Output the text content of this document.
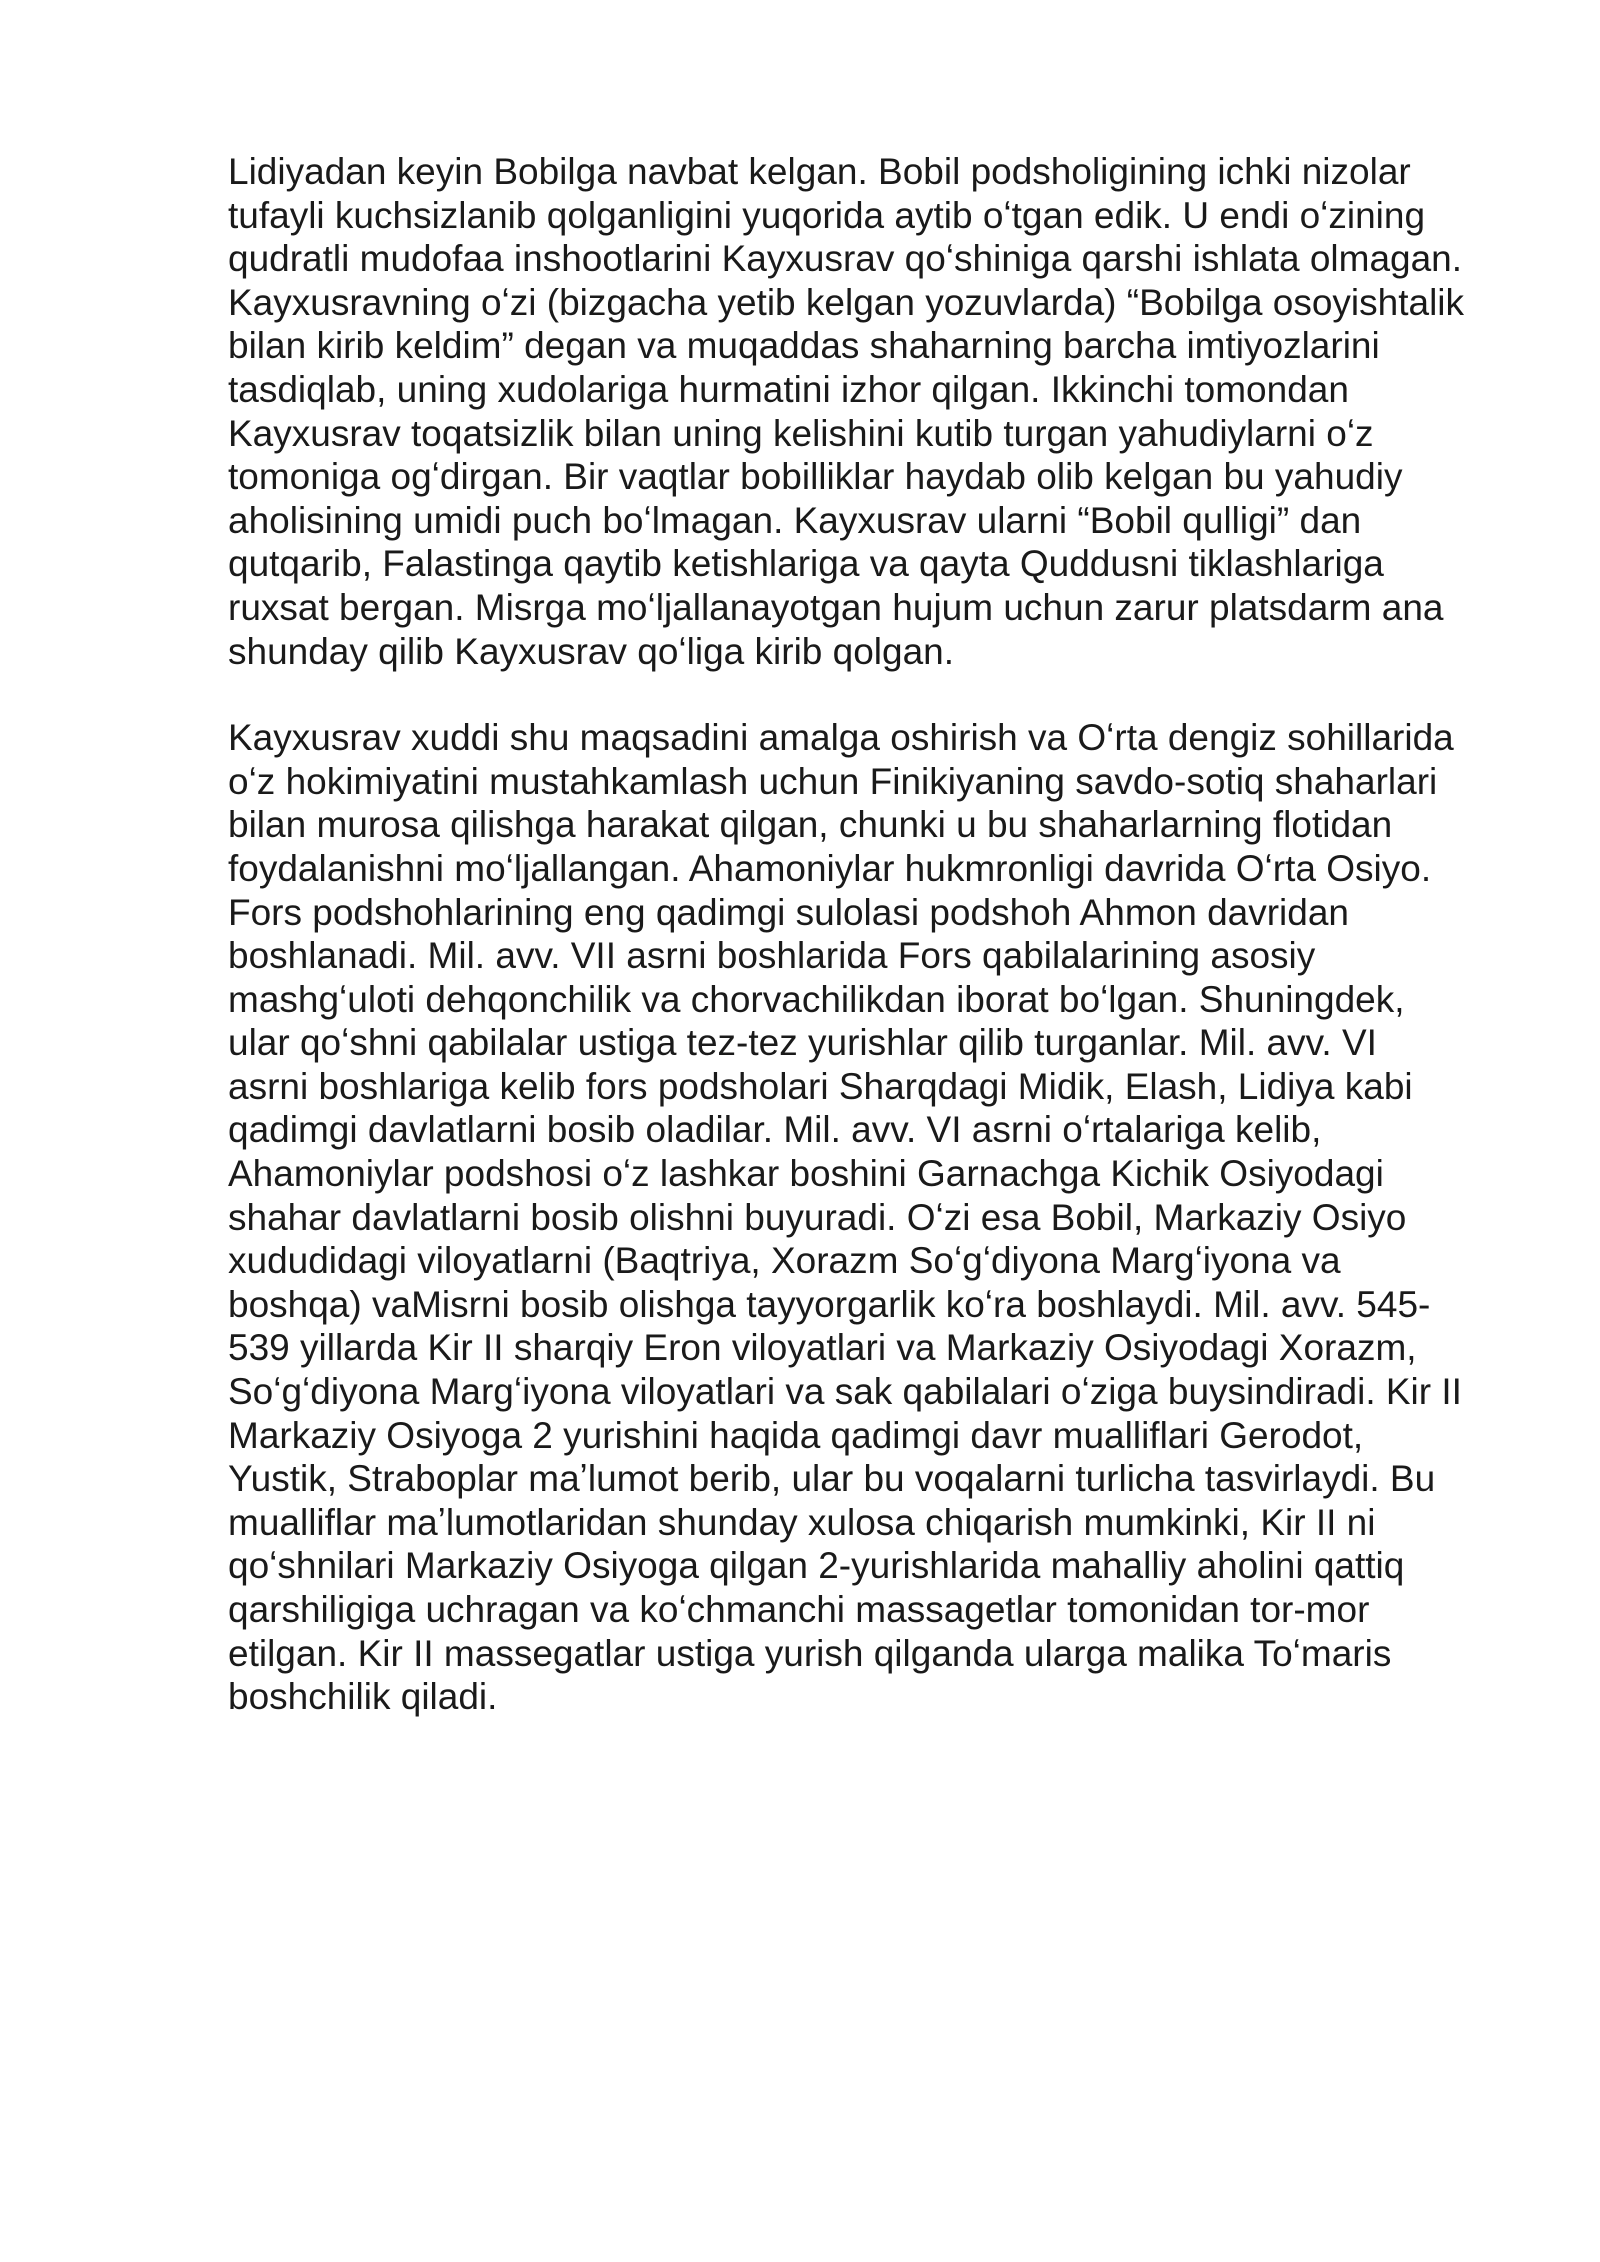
Lidiyadan keyin Bobilga navbat kelgan. Bobil podsholigining ichki nizolar
tufayli kuchsizlanib qolganligini yuqorida aytib oʻtgan edik. U endi oʻzining
qudratli mudofaa inshootlarini Kayxusrav qoʻshiniga qarshi ishlata olmagan.
Kayxusravning oʻzi (bizgacha yetib kelgan yozuvlarda) “Bobilga osoyishtalik
bilan kirib keldim” degan va muqaddas shaharning barcha imtiyozlarini
tasdiqlab, uning xudolariga hurmatini izhor qilgan. Ikkinchi tomondan
Kayxusrav toqatsizlik bilan uning kelishini kutib turgan yahudiylarni oʻz
tomoniga ogʻdirgan. Bir vaqtlar bobilliklar haydab olib kelgan bu yahudiy
aholisining umidi puch boʻlmagan. Kayxusrav ularni “Bobil qulligi” dan
qutqarib, Falastinga qaytib ketishlariga va qayta Quddusni tiklashlariga
ruxsat bergan. Misrga moʻljallanayotgan hujum uchun zarur platsdarm ana
shunday qilib Kayxusrav qoʻliga kirib qolgan.

Kayxusrav xuddi shu maqsadini amalga oshirish va Oʻrta dengiz sohillarida
oʻz hokimiyatini mustahkamlash uchun Finikiyaning savdo-sotiq shaharlari
bilan murosa qilishga harakat qilgan, chunki u bu shaharlarning flotidan
foydalanishni moʻljallangan. Ahamoniylar hukmronligi davrida Oʻrta Osiyo.
Fors podshohlarining eng qadimgi sulolasi podshoh Ahmon davridan
boshlanadi. Mil. avv. VII asrni boshlarida Fors qabilalarining asosiy
mashgʻuloti dehqonchilik va chorvachilikdan iborat boʻlgan. Shuningdek,
ular qoʻshni qabilalar ustiga tez-tez yurishlar qilib turganlar. Mil. avv. VI
asrni boshlariga kelib fors podsholari Sharqdagi Midik, Elash, Lidiya kabi
qadimgi davlatlarni bosib oladilar. Mil. avv. VI asrni oʻrtalariga kelib,
Ahamoniylar podshosi oʻz lashkar boshini Garnachga Kichik Osiyodagi
shahar davlatlarni bosib olishni buyuradi. Oʻzi esa Bobil, Markaziy Osiyo
xududidagi viloyatlarni (Baqtriya, Xorazm Soʻgʻdiyona Margʻiyona va
boshqa) vaMisrni bosib olishga tayyorgarlik koʻra boshlaydi. Mil. avv. 545-
539 yillarda Kir II sharqiy Eron viloyatlari va Markaziy Osiyodagi Xorazm,
Soʻgʻdiyona Margʻiyona viloyatlari va sak qabilalari oʻziga buysindiradi. Kir II
Markaziy Osiyoga 2 yurishini haqida qadimgi davr mualliflari Gerodot,
Yustik, Straboplar maʼlumot berib, ular bu voqalarni turlicha tasvirlaydi. Bu
mualliflar maʼlumotlaridan shunday xulosa chiqarish mumkinki, Kir II ni
qoʻshnilari Markaziy Osiyoga qilgan 2-yurishlarida mahalliy aholini qattiq
qarshiligiga uchragan va koʻchmanchi massagetlar tomonidan tor-mor
etilgan. Kir II massegatlar ustiga yurish qilganda ularga malika Toʻmaris
boshchilik qiladi.
